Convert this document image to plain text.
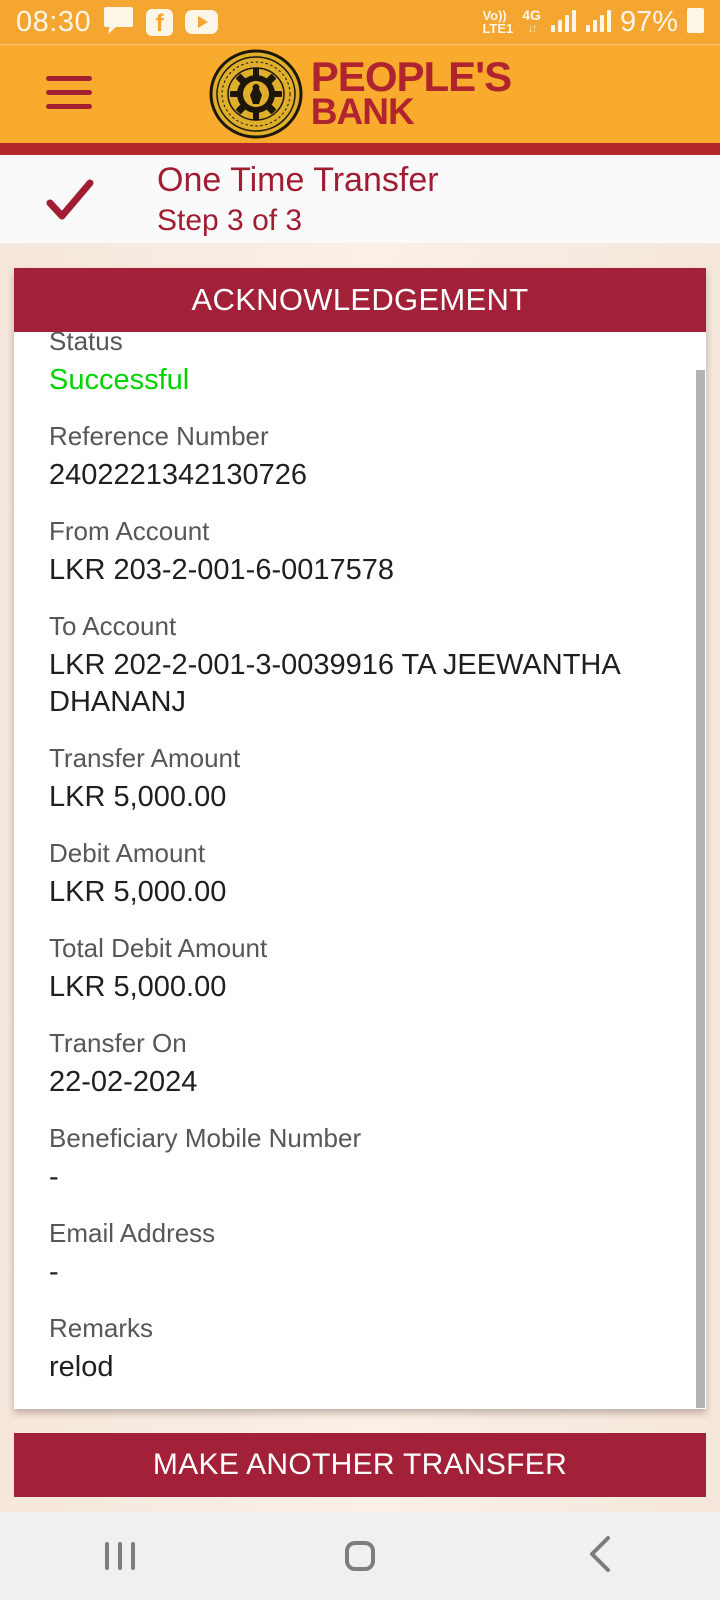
08:30	f	Vo))
LTE1
4G
↓↑	97%
PEOPLE'S
BANK
One Time Transfer
Step 3 of 3
ACKNOWLEDGEMENT
Status
Successful
Reference Number
2402221342130726
From Account
LKR 203-2-001-6-0017578
To Account
LKR 202-2-001-3-0039916 TA JEEWANTHA DHANANJ
Transfer Amount
LKR 5,000.00
Debit Amount
LKR 5,000.00
Total Debit Amount
LKR 5,000.00
Transfer On
22-02-2024
Beneficiary Mobile Number
-
Email Address
-
Remarks
relod
MAKE ANOTHER TRANSFER
